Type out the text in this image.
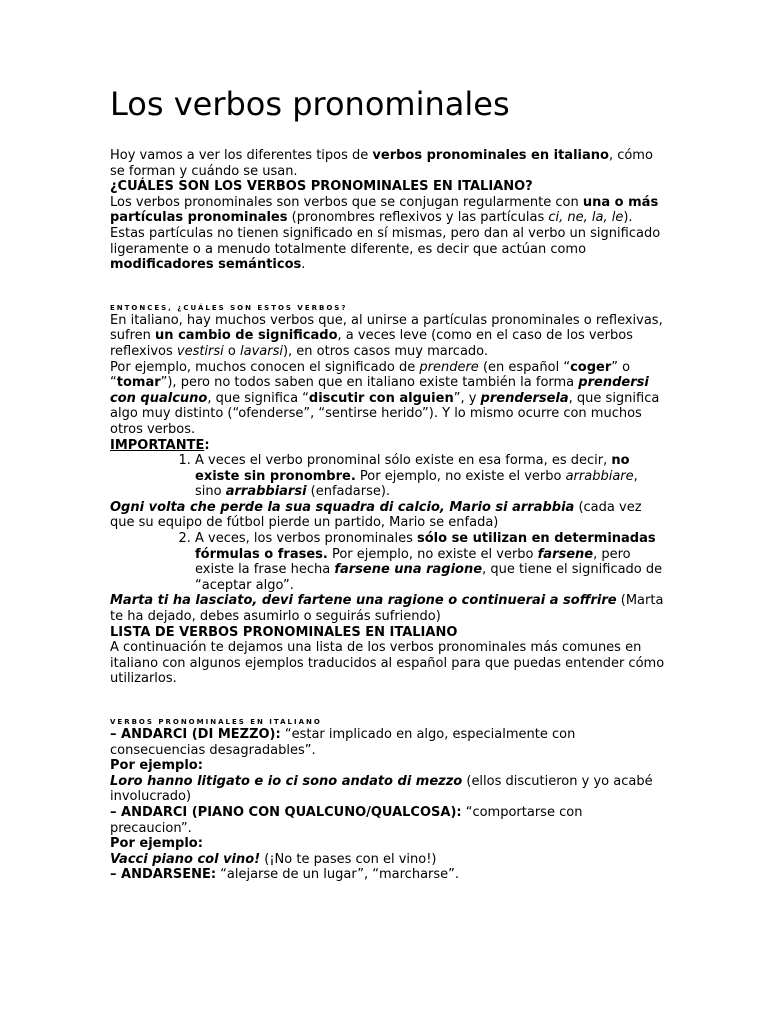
Los verbos pronominales

Hoy vamos a ver los diferentes tipos de verbos pronominales en italiano, cómo se forman y cuándo se usan.

¿CUÁLES SON LOS VERBOS PRONOMINALES EN ITALIANO?

Los verbos pronominales son verbos que se conjugan regularmente con una o más partículas pronominales (pronombres reflexivos y las partículas ci, ne, la, le).

Estas partículas no tienen significado en sí mismas, pero dan al verbo un significado ligeramente o a menudo totalmente diferente, es decir que actúan como modificadores semánticos.

ENTONCES, ¿CUÁLES SON ESTOS VERBOS?

En italiano, hay muchos verbos que, al unirse a partículas pronominales o reflexivas, sufren un cambio de significado, a veces leve (como en el caso de los verbos reflexivos vestirsi o lavarsi), en otros casos muy marcado.

Por ejemplo, muchos conocen el significado de prendere (en español “coger” o “tomar”), pero no todos saben que en italiano existe también la forma prendersi con qualcuno, que significa “discutir con alguien”, y prendersela, que significa algo muy distinto (“ofenderse”, “sentirse herido”). Y lo mismo ocurre con muchos otros verbos.

IMPORTANTE:

1. A veces el verbo pronominal sólo existe en esa forma, es decir, no existe sin pronombre. Por ejemplo, no existe el verbo arrabbiare, sino arrabbiarsi (enfadarse).

Ogni volta che perde la sua squadra di calcio, Mario si arrabbia (cada vez que su equipo de fútbol pierde un partido, Mario se enfada)

2. A veces, los verbos pronominales sólo se utilizan en determinadas fórmulas o frases. Por ejemplo, no existe el verbo farsene, pero existe la frase hecha farsene una ragione, que tiene el significado de “aceptar algo”.

Marta ti ha lasciato, devi fartene una ragione o continuerai a soffrire (Marta te ha dejado, debes asumirlo o seguirás sufriendo)

LISTA DE VERBOS PRONOMINALES EN ITALIANO

A continuación te dejamos una lista de los verbos pronominales más comunes en italiano con algunos ejemplos traducidos al español para que puedas entender cómo utilizarlos.

VERBOS PRONOMINALES EN ITALIANO

– ANDARCI (DI MEZZO): “estar implicado en algo, especialmente con consecuencias desagradables”.

Por ejemplo:

Loro hanno litigato e io ci sono andato di mezzo (ellos discutieron y yo acabé involucrado)

– ANDARCI (PIANO CON QUALCUNO/QUALCOSA): “comportarse con precaucion”.

Por ejemplo:

Vacci piano col vino! (¡No te pases con el vino!)

– ANDARSENE: “alejarse de un lugar”, “marcharse”.
